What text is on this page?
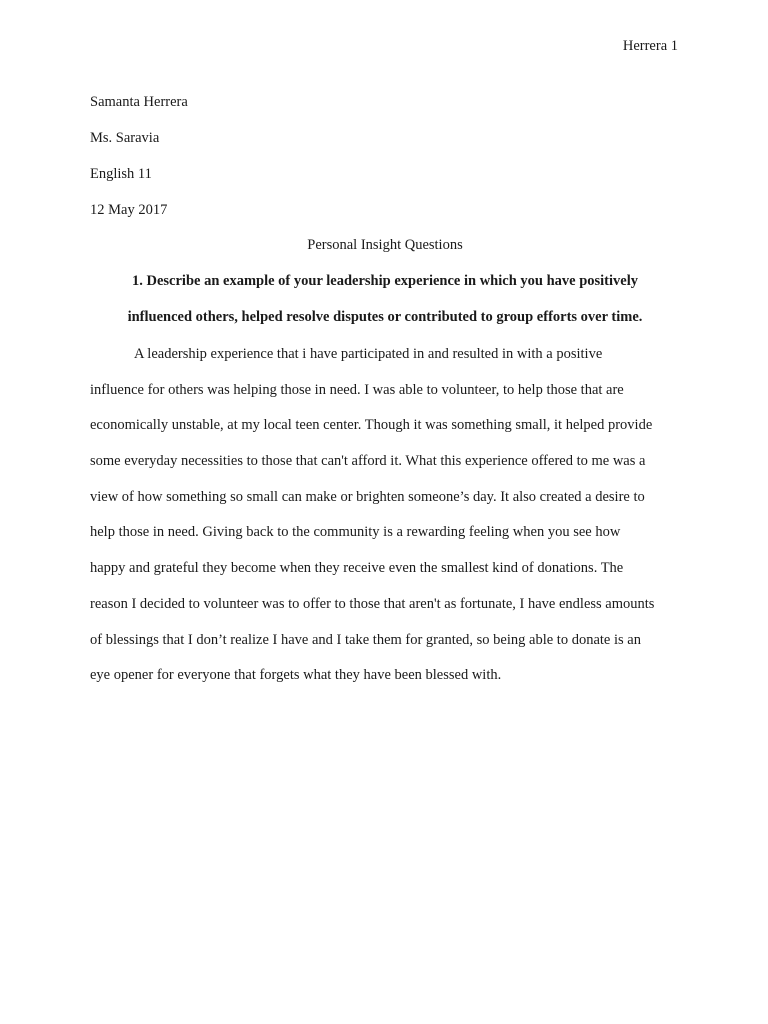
Herrera 1
Samanta Herrera
Ms. Saravia
English 11
12 May 2017
Personal Insight Questions
1. Describe an example of your leadership experience in which you have positively
influenced others, helped resolve disputes or contributed to group efforts over time.
A leadership experience that i have participated in and resulted in with a positive
influence for others was helping those in need. I was able to volunteer, to help those that are
economically unstable, at my local teen center. Though it was something small, it helped provide
some everyday necessities to those that can't afford it. What this experience offered to me was a
view of how something so small can make or brighten someone’s day. It also created a desire to
help those in need. Giving back to the community is a rewarding feeling when you see how
happy and grateful they become when they receive even the smallest kind of donations. The
reason I decided to volunteer was to offer to those that aren't as fortunate, I have endless amounts
of blessings that I don’t realize I have and I take them for granted, so being able to donate is an
eye opener for everyone that forgets what they have been blessed with.
